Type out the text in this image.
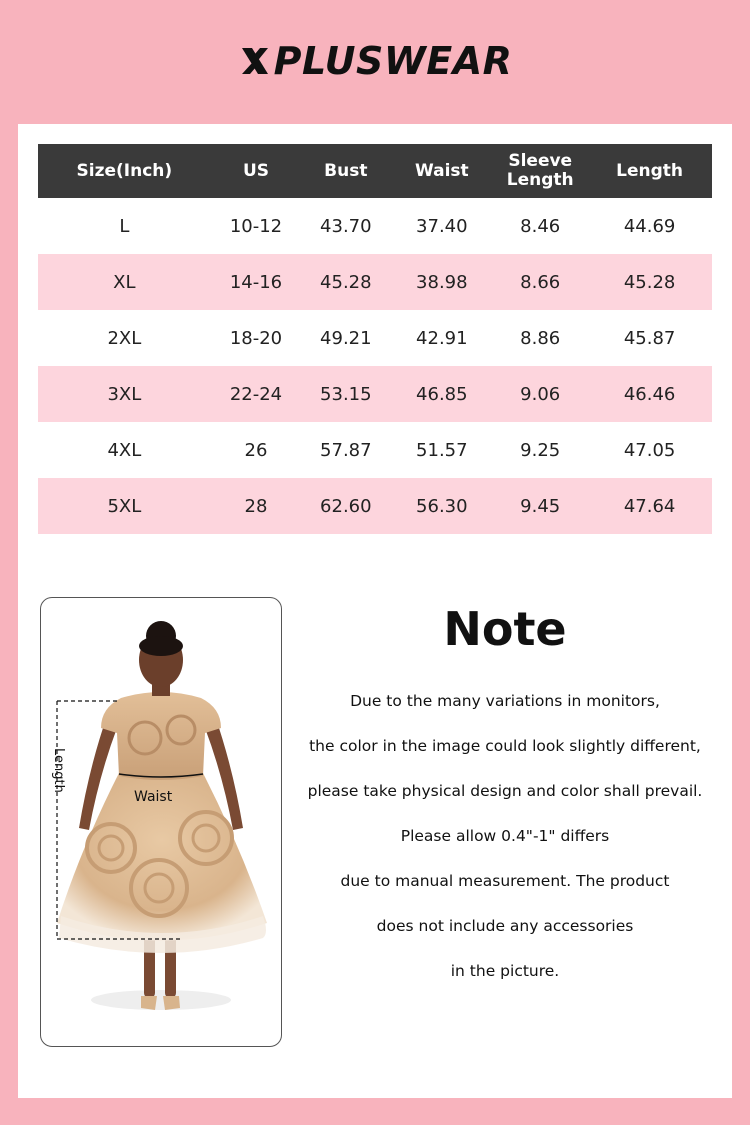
PLUSWEAR
Size(Inch)	US	Bust	Waist	Sleeve Length	Length
L	10-12	43.70	37.40	8.46	44.69
XL	14-16	45.28	38.98	8.66	45.28
2XL	18-20	49.21	42.91	8.86	45.87
3XL	22-24	53.15	46.85	9.06	46.46
4XL	26	57.87	51.57	9.25	47.05
5XL	28	62.60	56.30	9.45	47.64
Length
Waist
Note
Due to the many variations in monitors,
the color in the image could look slightly different,
please take physical design and color shall prevail.
Please allow 0.4"-1" differs
due to manual measurement. The product
does not include any accessories
in the picture.
